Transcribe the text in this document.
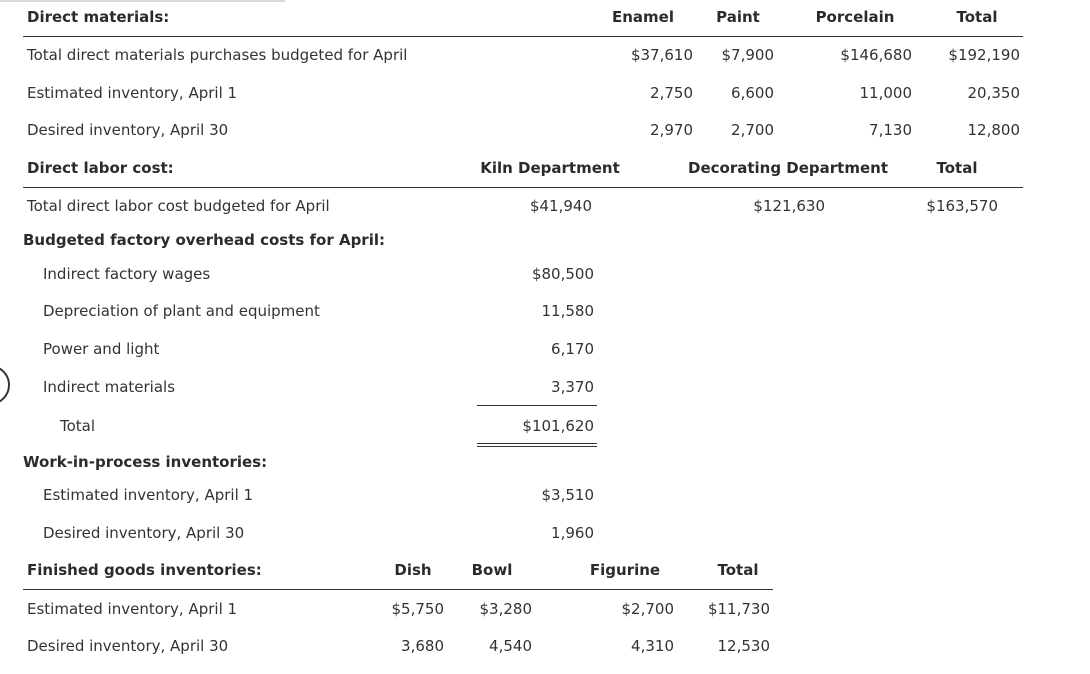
Direct materials:	Enamel	Paint	Porcelain	Total
Total direct materials purchases budgeted for April	$37,610	$7,900	$146,680	$192,190
Estimated inventory, April 1	2,750	6,600	11,000	20,350
Desired inventory, April 30	2,970	2,700	7,130	12,800
Direct labor cost:	Kiln Department	Decorating Department	Total
Total direct labor cost budgeted for April	$41,940	$121,630	$163,570
Budgeted factory overhead costs for April:
Indirect factory wages	$80,500
Depreciation of plant and equipment	11,580
Power and light	6,170
Indirect materials	3,370
Total	$101,620
Work-in-process inventories:
Estimated inventory, April 1	$3,510
Desired inventory, April 30	1,960
Finished goods inventories:	Dish	Bowl	Figurine	Total
Estimated inventory, April 1	$5,750	$3,280	$2,700	$11,730
Desired inventory, April 30	3,680	4,540	4,310	12,530
